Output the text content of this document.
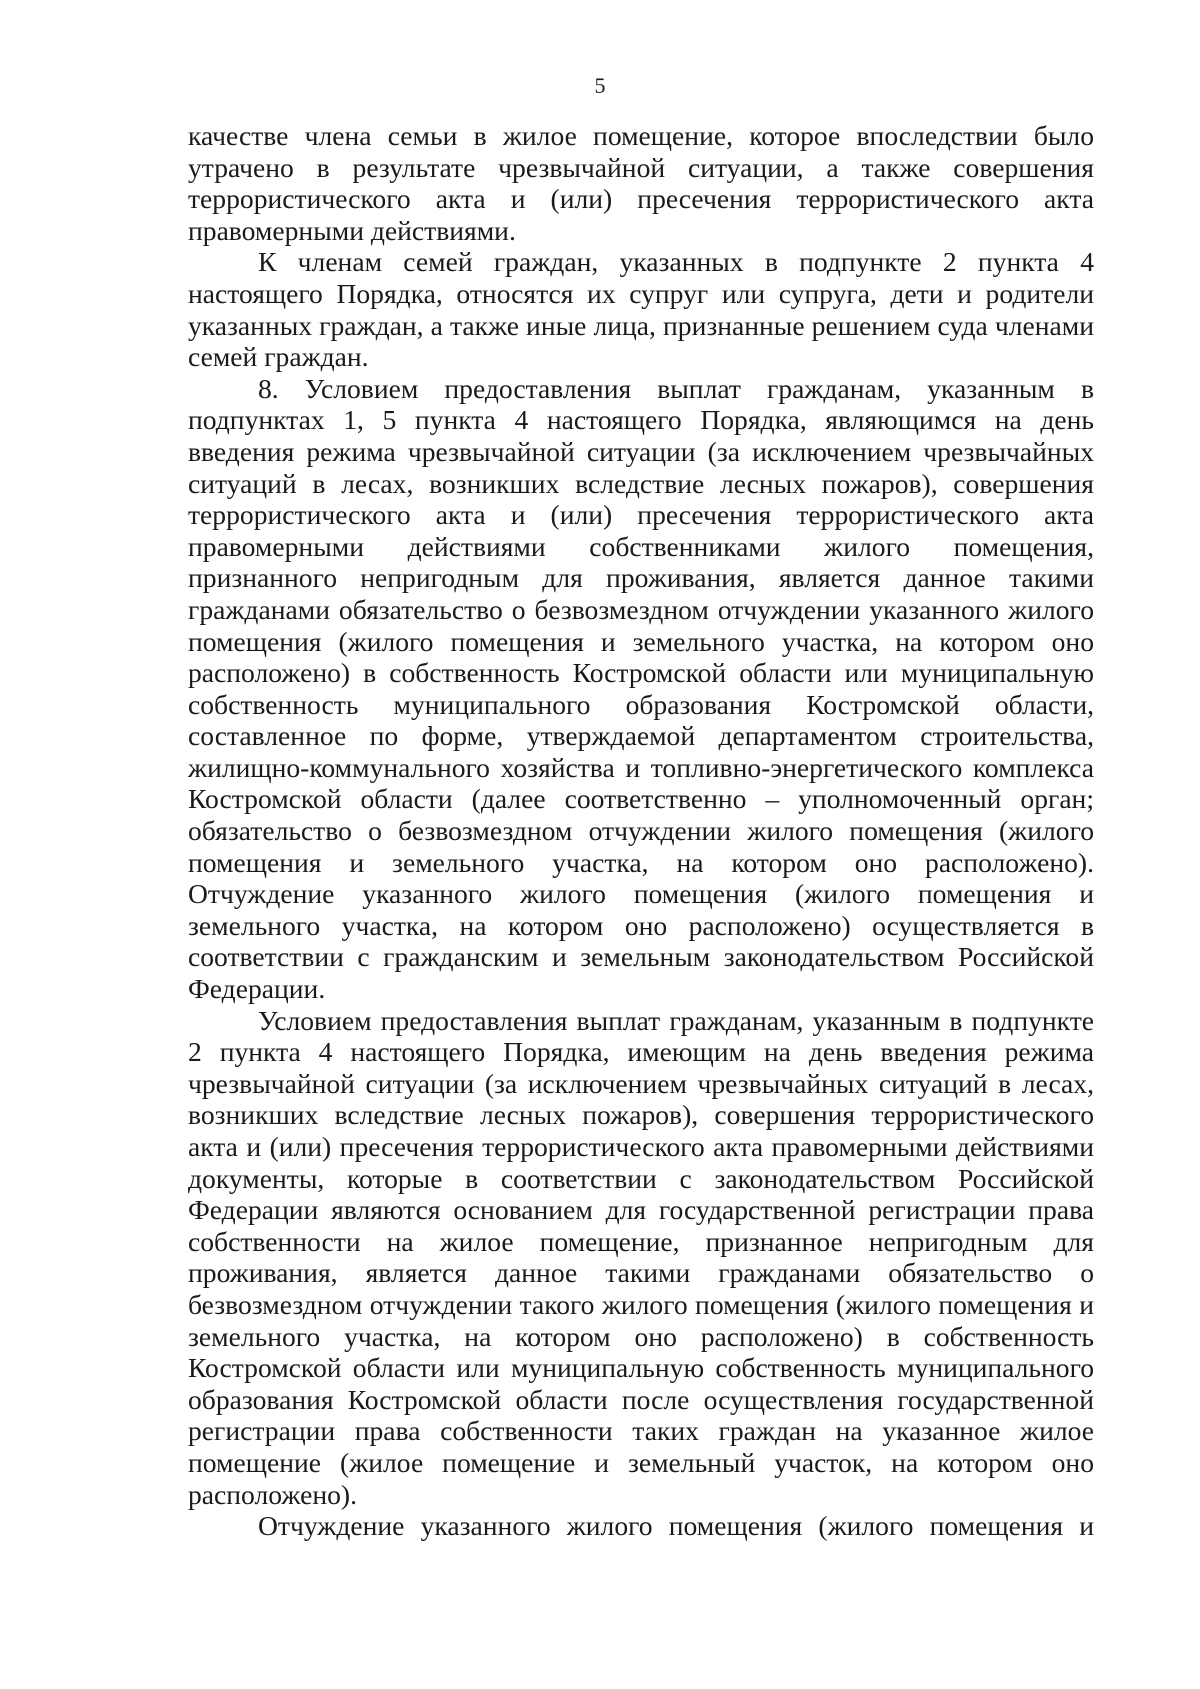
5

качестве члена семьи в жилое помещение, которое впоследствии было утрачено в результате чрезвычайной ситуации, а также совершения террористического акта и (или) пресечения террористического акта правомерными действиями.

К членам семей граждан, указанных в подпункте 2 пункта 4 настоящего Порядка, относятся их супруг или супруга, дети и родители указанных граждан, а также иные лица, признанные решением суда членами семей граждан.

8. Условием предоставления выплат гражданам, указанным в подпунктах 1, 5 пункта 4 настоящего Порядка, являющимся на день введения режима чрезвычайной ситуации (за исключением чрезвычайных ситуаций в лесах, возникших вследствие лесных пожаров), совершения террористического акта и (или) пресечения террористического акта правомерными действиями собственниками жилого помещения, признанного непригодным для проживания, является данное такими гражданами обязательство о безвозмездном отчуждении указанного жилого помещения (жилого помещения и земельного участка, на котором оно расположено) в собственность Костромской области или муниципальную собственность муниципального образования Костромской области, составленное по форме, утверждаемой департаментом строительства, жилищно-коммунального хозяйства и топливно-энергетического комплекса Костромской области (далее соответственно – уполномоченный орган; обязательство о безвозмездном отчуждении жилого помещения (жилого помещения и земельного участка, на котором оно расположено). Отчуждение указанного жилого помещения (жилого помещения и земельного участка, на котором оно расположено) осуществляется в соответствии с гражданским и земельным законодательством Российской Федерации.

Условием предоставления выплат гражданам, указанным в подпункте 2 пункта 4 настоящего Порядка, имеющим на день введения режима чрезвычайной ситуации (за исключением чрезвычайных ситуаций в лесах, возникших вследствие лесных пожаров), совершения террористического акта и (или) пресечения террористического акта правомерными действиями документы, которые в соответствии с законодательством Российской Федерации являются основанием для государственной регистрации права собственности на жилое помещение, признанное непригодным для проживания, является данное такими гражданами обязательство о безвозмездном отчуждении такого жилого помещения (жилого помещения и земельного участка, на котором оно расположено) в собственность Костромской области или муниципальную собственность муниципального образования Костромской области после осуществления государственной регистрации права собственности таких граждан на указанное жилое помещение (жилое помещение и земельный участок, на котором оно расположено).

Отчуждение указанного жилого помещения (жилого помещения и
